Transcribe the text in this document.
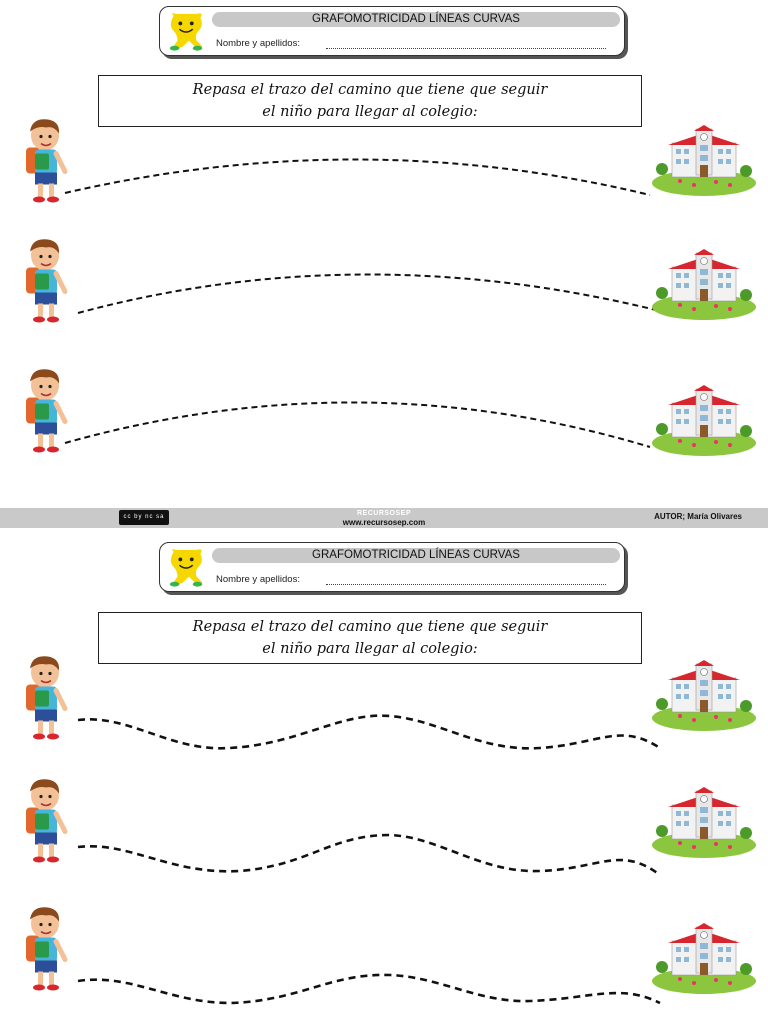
GRAFOMOTRICIDAD LÍNEAS CURVAS
Nombre y apellidos:
Repasa el trazo del camino que tiene que seguir
el niño para llegar al colegio:
cc by nc sa	RECURSOSEP
www.recursosep.com
AUTOR; María Olivares
GRAFOMOTRICIDAD LÍNEAS CURVAS
Nombre y apellidos:
Repasa el trazo del camino que tiene que seguir
el niño para llegar al colegio:
